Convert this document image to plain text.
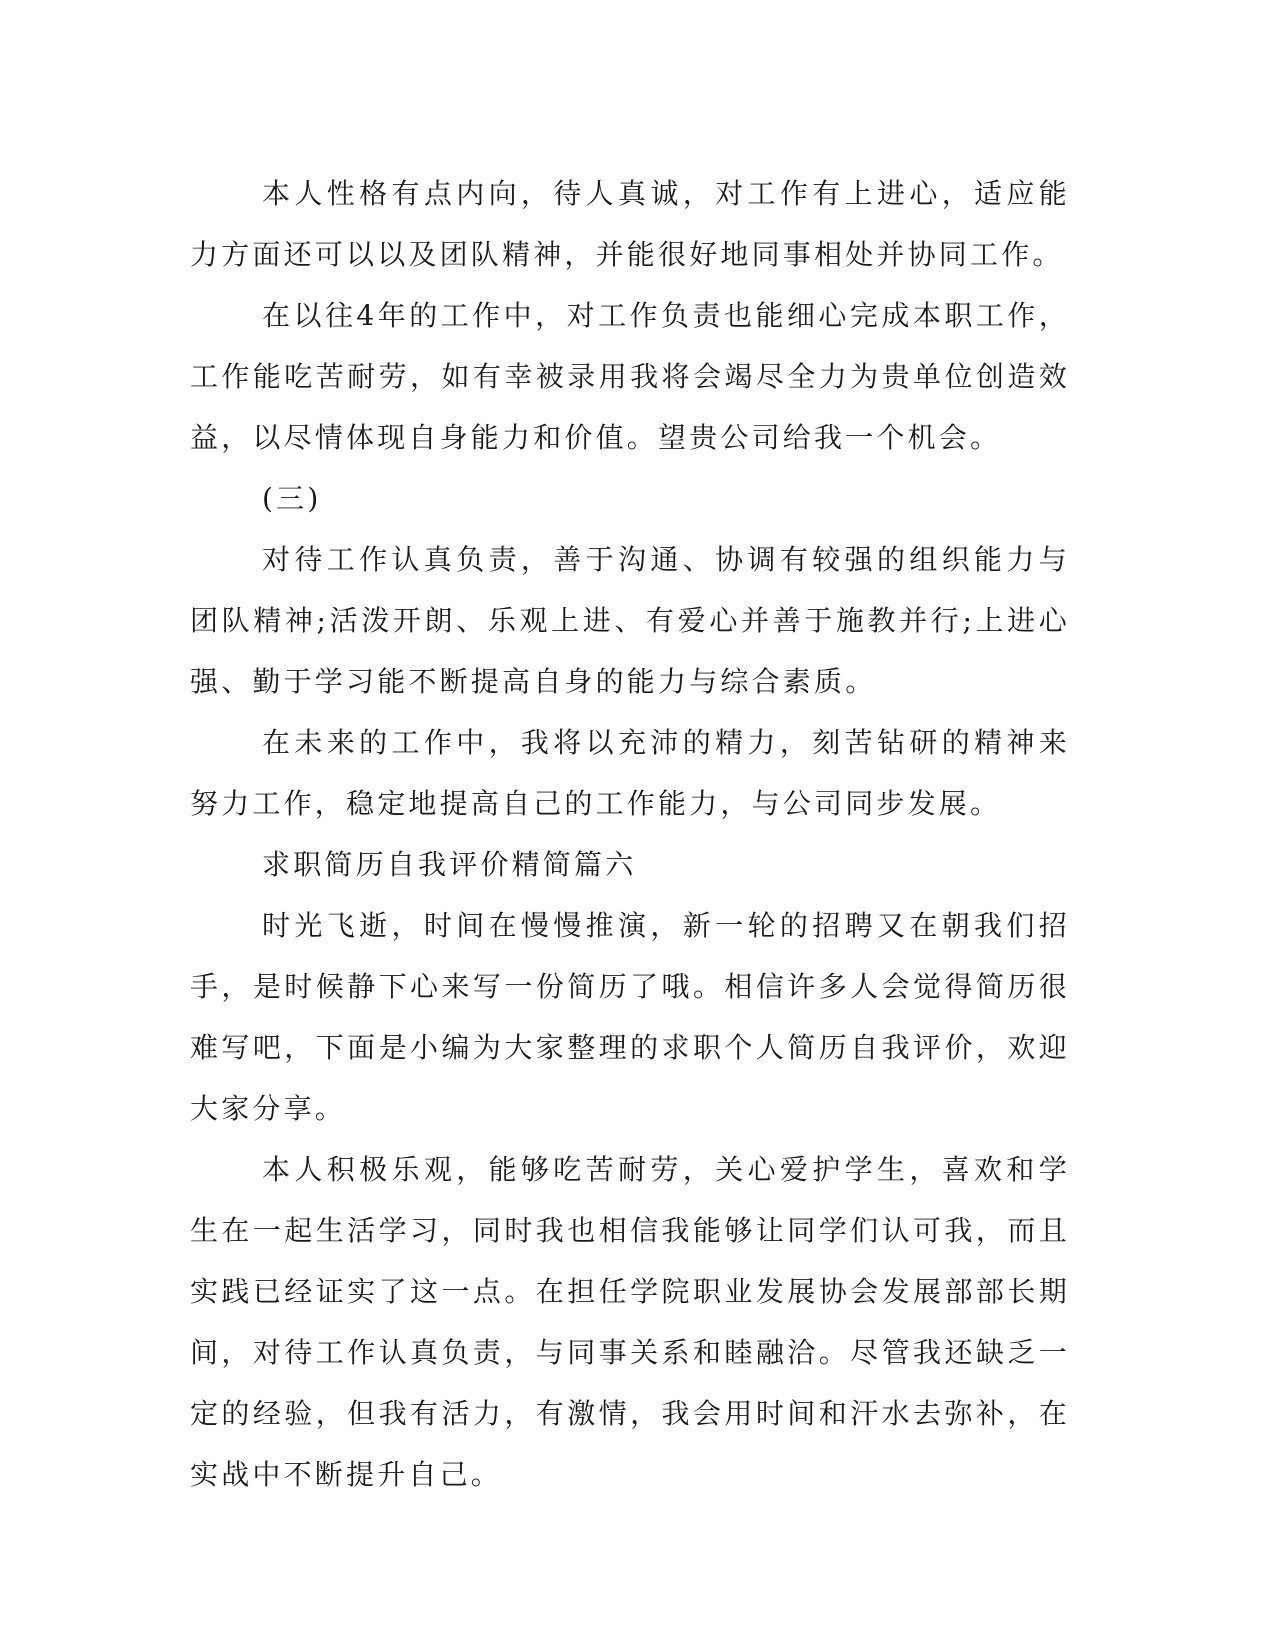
本人性格有点内向，待人真诚，对工作有上进心，适应能力方面还可以以及团队精神，并能很好地同事相处并协同工作。

在以往4年的工作中，对工作负责也能细心完成本职工作，工作能吃苦耐劳，如有幸被录用我将会竭尽全力为贵单位创造效益，以尽情体现自身能力和价值。望贵公司给我一个机会。

(三)

对待工作认真负责，善于沟通、协调有较强的组织能力与团队精神;活泼开朗、乐观上进、有爱心并善于施教并行;上进心强、勤于学习能不断提高自身的能力与综合素质。

在未来的工作中，我将以充沛的精力，刻苦钻研的精神来努力工作，稳定地提高自己的工作能力，与公司同步发展。

求职简历自我评价精简篇六

时光飞逝，时间在慢慢推演，新一轮的招聘又在朝我们招手，是时候静下心来写一份简历了哦。相信许多人会觉得简历很难写吧，下面是小编为大家整理的求职个人简历自我评价，欢迎大家分享。

本人积极乐观，能够吃苦耐劳，关心爱护学生，喜欢和学生在一起生活学习，同时我也相信我能够让同学们认可我，而且实践已经证实了这一点。在担任学院职业发展协会发展部部长期间，对待工作认真负责，与同事关系和睦融洽。尽管我还缺乏一定的经验，但我有活力，有激情，我会用时间和汗水去弥补，在实战中不断提升自己。
